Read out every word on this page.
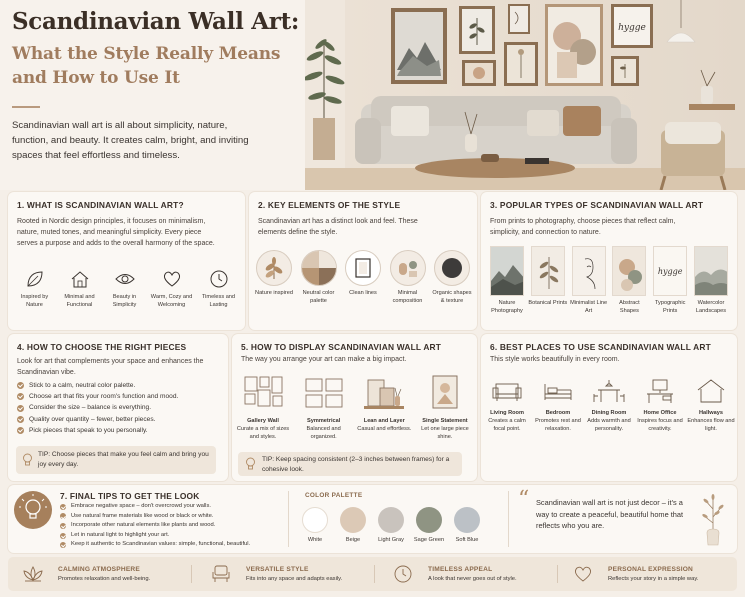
Scandinavian Wall Art:
What the Style Really Means and How to Use It
Scandinavian wall art is all about simplicity, nature, function, and beauty. It creates calm, bright, and inviting spaces that feel effortless and timeless.
hygge
1. WHAT IS SCANDINAVIAN WALL ART?

Rooted in Nordic design principles, it focuses on minimalism, nature, muted tones, and meaningful simplicity. Every piece serves a purpose and adds to the overall harmony of the space.

Inspired by Nature
Minimal and Functional
Beauty in Simplicity
Warm, Cozy and Welcoming
Timeless and Lasting
2. KEY ELEMENTS OF THE STYLE

Scandinavian art has a distinct look and feel. These elements define the style.

Nature inspired	Neutral color palette
Clean lines	Minimal composition
Organic shapes & texture
3. POPULAR TYPES OF SCANDINAVIAN WALL ART

From prints to photography, choose pieces that reflect calm, simplicity, and connection to nature.

Nature Photography
Botanical Prints Minimalist Line Art
Abstract Shapes
hygge
Typographic Prints
Watercolor Landscapes
4. HOW TO CHOOSE THE RIGHT PIECES

Look for art that complements your space and enhances the Scandinavian vibe.

Stick to a calm, neutral color palette.
Choose art that fits your room's function and mood.
Consider the size – balance is everything.
Quality over quantity – fewer, better pieces.
Pick pieces that speak to you personally.
TIP: Choose pieces that make you feel calm and bring you joy every day.
5. HOW TO DISPLAY SCANDINAVIAN WALL ART

The way you arrange your art can make a big impact.

Gallery Wall
Curate a mix of sizes and styles.
Symmetrical
Balanced and organized.
Lean and Layer
Casual and effortless.
Single Statement
Let one large piece shine.
TIP: Keep spacing consistent (2–3 inches between frames) for a cohesive look.
6. BEST PLACES TO USE SCANDINAVIAN WALL ART

This style works beautifully in every room.

Living Room
Creates a calm focal point.
Bedroom
Promotes rest and relaxation.
Dining Room
Adds warmth and personality.
Home Office
Inspires focus and creativity.
Hallways
Enhances flow and light.
7. FINAL TIPS TO GET THE LOOK
Embrace negative space – don't overcrowd your walls.
Use natural frame materials like wood or black or white.
Incorporate other natural elements like plants and wood.
Let in natural light to highlight your art.
Keep it authentic to Scandinavian values: simple, functional, beautiful.
COLOR PALETTE
White	Beige	Light Gray Sage Green Soft Blue
“ Scandinavian wall art is not just decor – it's a way to create a peaceful, beautiful home that reflects who you are.
CALMING ATMOSPHERE
Promotes relaxation and well-being.
VERSATILE STYLE
Fits into any space and adapts easily.
TIMELESS APPEAL
A look that never goes out of style.
PERSONAL EXPRESSION
Reflects your story in a simple way.
